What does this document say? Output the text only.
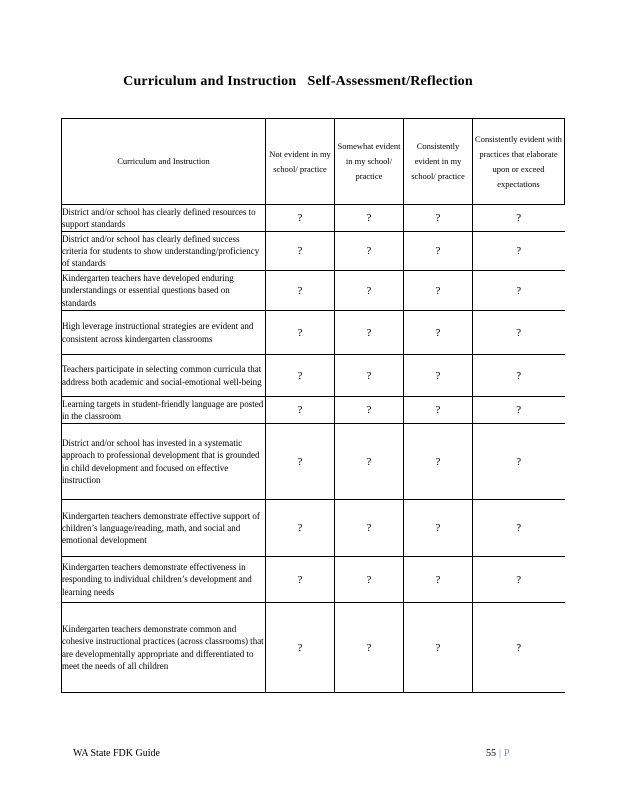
Curriculum and Instruction   Self-Assessment/Reflection
Curriculum and Instruction	Not evident in my school/ practice	Somewhat evident in my school/ practice	Consistently evident in my school/ practice	Consistently evident with practices that elaborate upon or exceed expectations
District and/or school has clearly defined resources to support standards	?	?	?	?
District and/or school has clearly defined success criteria for students to show understanding/proficiency of standards	?	?	?	?
Kindergarten teachers have developed enduring understandings or essential questions based on standards	?	?	?	?
High leverage instructional strategies are evident and consistent across kindergarten classrooms	?	?	?	?
Teachers participate in selecting common curricula that address both academic and social-emotional well-being	?	?	?	?
Learning targets in student-friendly language are posted in the classroom	?	?	?	?
District and/or school has invested in a systematic approach to professional development that is grounded in child development and focused on effective instruction	?	?	?	?
Kindergarten teachers demonstrate effective support of children’s language/reading, math, and social and emotional development	?	?	?	?
Kindergarten teachers demonstrate effectiveness in responding to individual children’s development and learning needs	?	?	?	?
Kindergarten teachers demonstrate common and cohesive instructional practices (across classrooms) that are developmentally appropriate and differentiated to meet the needs of all children	?	?	?	?
WA State FDK Guide	55 | P
